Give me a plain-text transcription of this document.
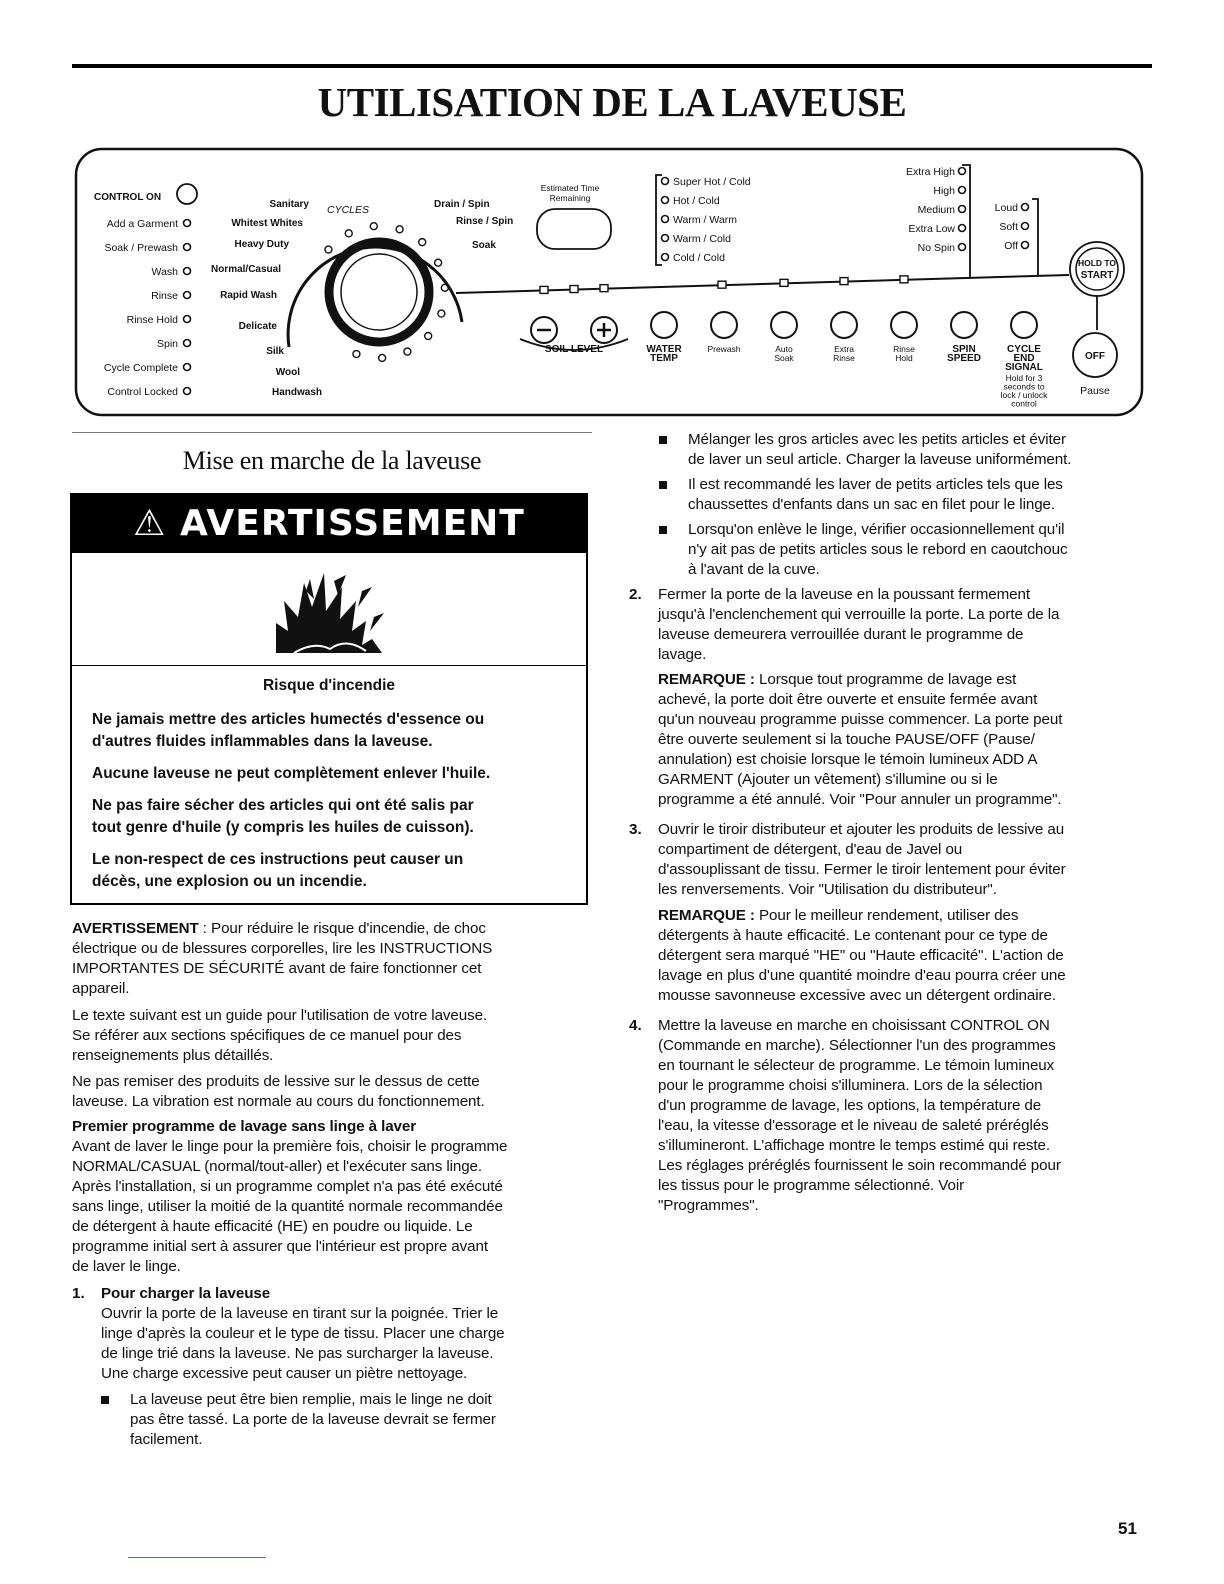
UTILISATION DE LA LAVEUSE
CONTROL ON
Add a Garment
Soak / Prewash
Wash
Rinse
Rinse Hold
Spin
Cycle Complete
Control Locked
Sanitary
Whitest Whites
Heavy Duty
Normal/Casual
Rapid Wash
Delicate
Silk
Wool
Handwash
Drain / Spin
Rinse / Spin
Soak
CYCLES
Estimated Time
Remaining
Super Hot / Cold
Hot / Cold
Warm / Warm
Warm / Cold
Cold / Cold
Extra High
High
Medium
Extra Low
No Spin
Loud
Soft
Off
SOIL LEVEL	WATER
TEMP
Prewash	Auto
Soak
Extra
Rinse
Rinse
Hold
SPIN
SPEED
CYCLE
END
SIGNAL
HOLD TO
START
OFF
Pause
Hold for 3
seconds to
lock / unlock
control
Mise en marche de la laveuse
⚠ AVERTISSEMENT
Risque d'incendie

Ne jamais mettre des articles humectés d'essence ou
d'autres fluides inflammables dans la laveuse.

Aucune laveuse ne peut complètement enlever l'huile.

Ne pas faire sécher des articles qui ont été salis par
tout genre d'huile (y compris les huiles de cuisson).

Le non-respect de ces instructions peut causer un
décès, une explosion ou un incendie.

AVERTISSEMENT : Pour réduire le risque d'incendie, de choc
électrique ou de blessures corporelles, lire les INSTRUCTIONS
IMPORTANTES DE SÉCURITÉ avant de faire fonctionner cet
appareil.

Le texte suivant est un guide pour l'utilisation de votre laveuse.
Se référer aux sections spécifiques de ce manuel pour des
renseignements plus détaillés.

Ne pas remiser des produits de lessive sur le dessus de cette
laveuse. La vibration est normale au cours du fonctionnement.

Premier programme de lavage sans linge à laver

Avant de laver le linge pour la première fois, choisir le programme
NORMAL/CASUAL (normal/tout-aller) et l'exécuter sans linge.
Après l'installation, si un programme complet n'a pas été exécuté
sans linge, utiliser la moitié de la quantité normale recommandée
de détergent à haute efficacité (HE) en poudre ou liquide. Le
programme initial sert à assurer que l'intérieur est propre avant
de laver le linge.

1. Pour charger la laveuse

Ouvrir la porte de la laveuse en tirant sur la poignée. Trier le
linge d'après la couleur et le type de tissu. Placer une charge
de linge trié dans la laveuse. Ne pas surcharger la laveuse.
Une charge excessive peut causer un piètre nettoyage.

La laveuse peut être bien remplie, mais le linge ne doit
pas être tassé. La porte de la laveuse devrait se fermer
facilement.

Mélanger les gros articles avec les petits articles et éviter
de laver un seul article. Charger la laveuse uniformément.

Il est recommandé les laver de petits articles tels que les
chaussettes d'enfants dans un sac en filet pour le linge.

Lorsqu'on enlève le linge, vérifier occasionnellement qu'il
n'y ait pas de petits articles sous le rebord en caoutchouc
à l'avant de la cuve.

2. Fermer la porte de la laveuse en la poussant fermement
jusqu'à l'enclenchement qui verrouille la porte. La porte de la
laveuse demeurera verrouillée durant le programme de
lavage.

REMARQUE : Lorsque tout programme de lavage est
achevé, la porte doit être ouverte et ensuite fermée avant
qu'un nouveau programme puisse commencer. La porte peut
être ouverte seulement si la touche PAUSE/OFF (Pause/
annulation) est choisie lorsque le témoin lumineux ADD A
GARMENT (Ajouter un vêtement) s'illumine ou si le
programme a été annulé. Voir "Pour annuler un programme".

3. Ouvrir le tiroir distributeur et ajouter les produits de lessive au
compartiment de détergent, d'eau de Javel ou
d'assouplissant de tissu. Fermer le tiroir lentement pour éviter
les renversements. Voir "Utilisation du distributeur".

REMARQUE : Pour le meilleur rendement, utiliser des
détergents à haute efficacité. Le contenant pour ce type de
détergent sera marqué "HE" ou "Haute efficacité". L'action de
lavage en plus d'une quantité moindre d'eau pourra créer une
mousse savonneuse excessive avec un détergent ordinaire.

4. Mettre la laveuse en marche en choisissant CONTROL ON
(Commande en marche). Sélectionner l'un des programmes
en tournant le sélecteur de programme. Le témoin lumineux
pour le programme choisi s'illuminera. Lors de la sélection
d'un programme de lavage, les options, la température de
l'eau, la vitesse d'essorage et le niveau de saleté préréglés
s'illumineront. L'affichage montre le temps estimé qui reste.
Les réglages préréglés fournissent le soin recommandé pour
les tissus pour le programme sélectionné. Voir
"Programmes".

51
